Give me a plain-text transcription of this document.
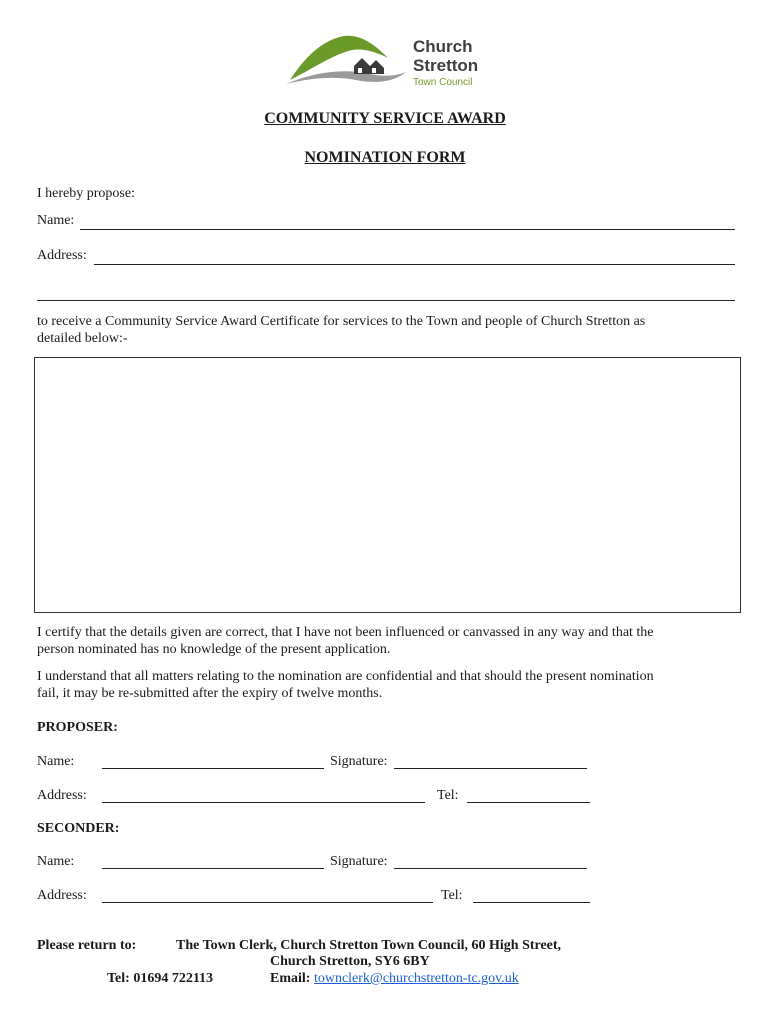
Church
Stretton
Town Council
COMMUNITY SERVICE AWARD
NOMINATION FORM
I hereby propose:
Name:
Address:
to receive a Community Service Award Certificate for services to the Town and people of Church Stretton as
detailed below:-
I certify that the details given are correct, that I have not been influenced or canvassed in any way and that the
person nominated has no knowledge of the present application.
I understand that all matters relating to the nomination are confidential and that should the present nomination
fail, it may be re-submitted after the expiry of twelve months.
PROPOSER:
Name:	Signature:
Address:	Tel:
SECONDER:
Name:	Signature:
Address:	Tel:
Please return to:	The Town Clerk, Church Stretton Town Council, 60 High Street,
Church Stretton, SY6 6BY
Tel: 01694 722113	Email: townclerk@churchstretton-tc.gov.uk
